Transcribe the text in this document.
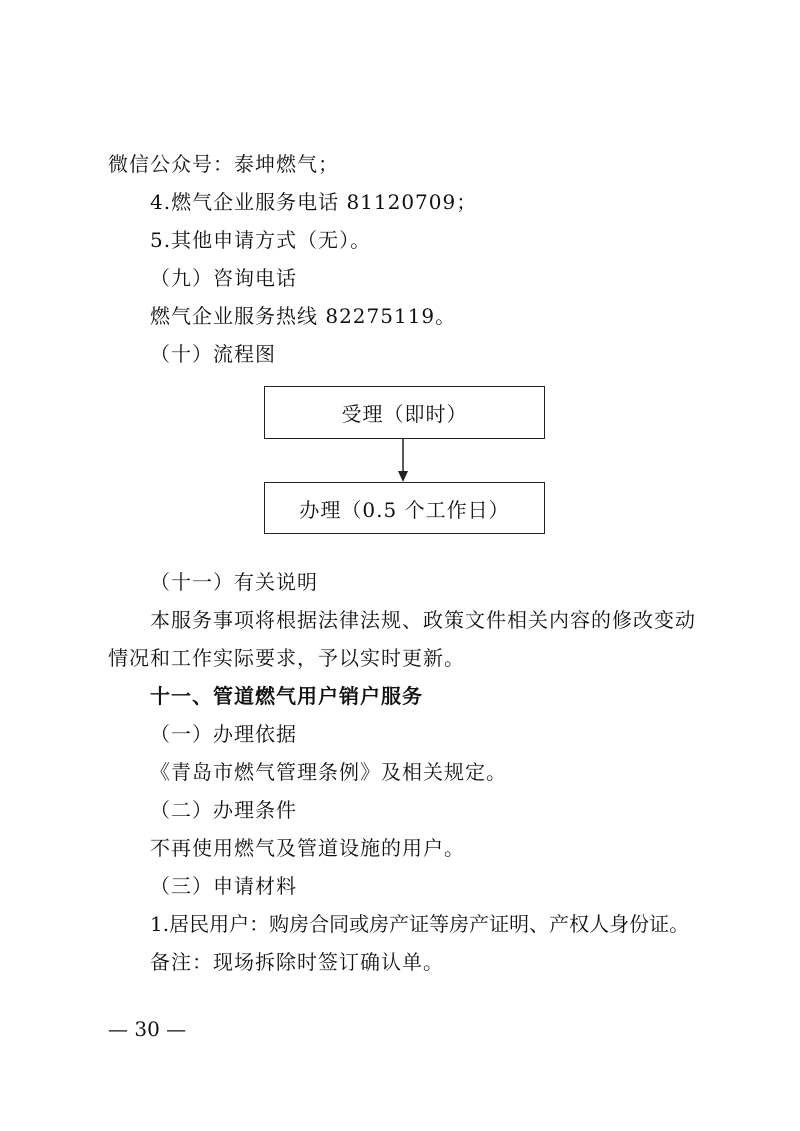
微信公众号：泰坤燃气；
4.燃气企业服务电话 81120709；
5.其他申请方式（无）。
（九）咨询电话
燃气企业服务热线 82275119。
（十）流程图
受理（即时）
办理（0.5 个工作日）
（十一）有关说明
本服务事项将根据法律法规、政策文件相关内容的修改变动
情况和工作实际要求，予以实时更新。
十一、管道燃气用户销户服务
（一）办理依据
《青岛市燃气管理条例》及相关规定。
（二）办理条件
不再使用燃气及管道设施的用户。
（三）申请材料
1.居民用户：购房合同或房产证等房产证明、产权人身份证。
备注：现场拆除时签订确认单。
— 30 —
